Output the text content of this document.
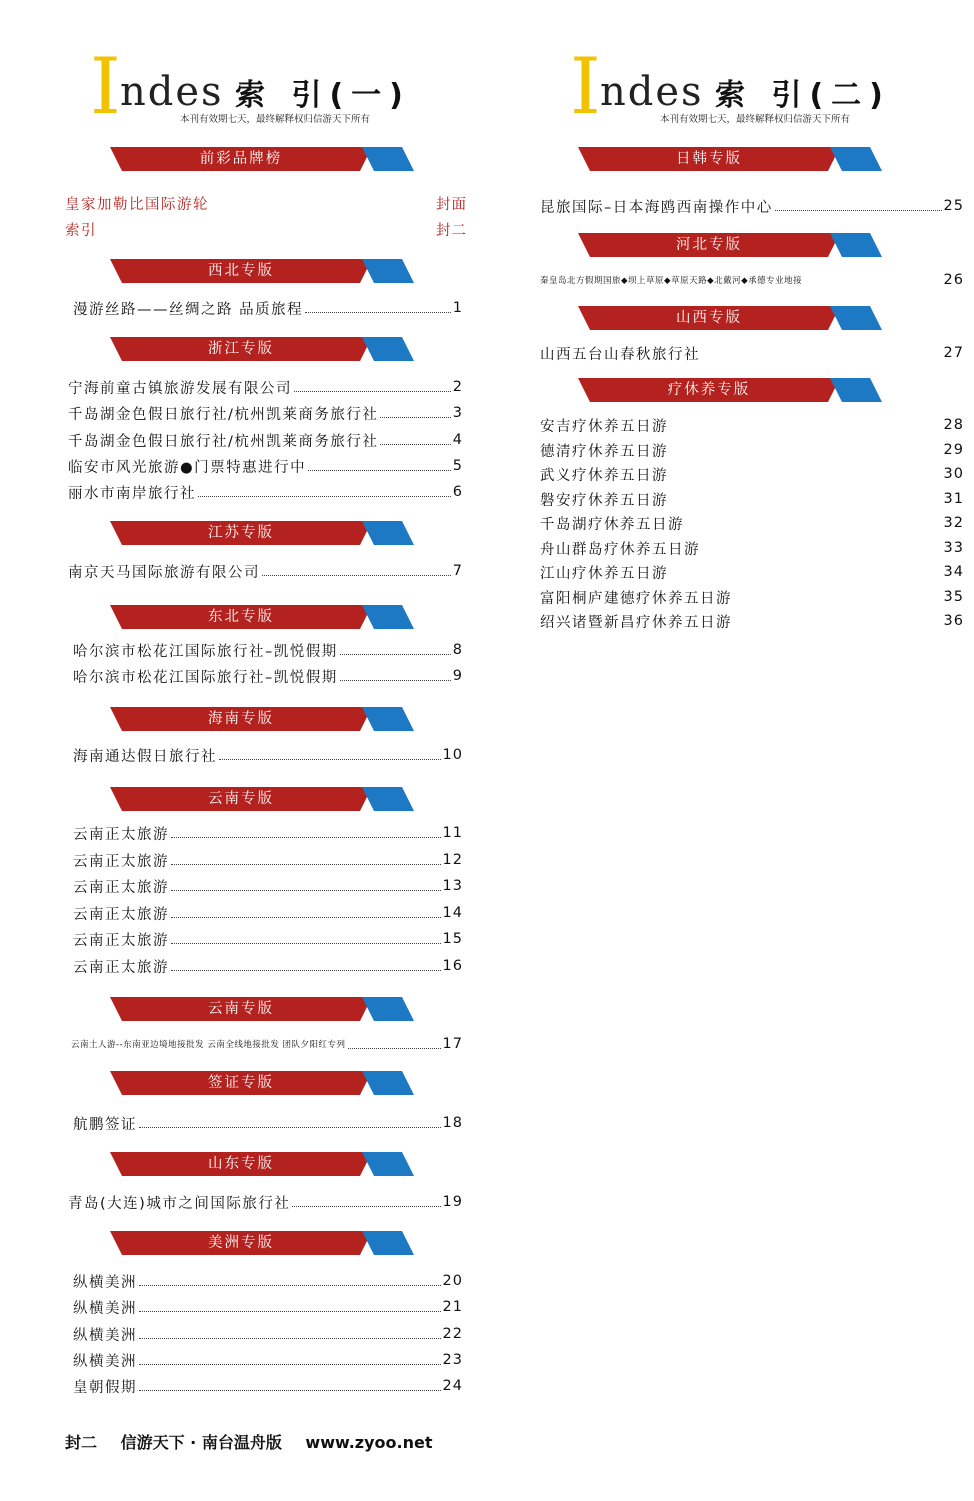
I ndes 索 引(一)
本刊有效期七天，最终解释权归信游天下所有
前彩品牌榜
皇家加勒比国际游轮	封面
索引	封二
西北专版
漫游丝路——丝绸之路 品质旅程	1
浙江专版
宁海前童古镇旅游发展有限公司	2
千岛湖金色假日旅行社/杭州凯莱商务旅行社	3
千岛湖金色假日旅行社/杭州凯莱商务旅行社	4
临安市风光旅游●门票特惠进行中	5
丽水市南岸旅行社	6
江苏专版
南京天马国际旅游有限公司	7
东北专版
哈尔滨市松花江国际旅行社–凯悦假期	8
哈尔滨市松花江国际旅行社–凯悦假期	9
海南专版
海南通达假日旅行社	10
云南专版
云南正太旅游	11
云南正太旅游	12
云南正太旅游	13
云南正太旅游	14
云南正太旅游	15
云南正太旅游	16
云南专版
云南土人游--东南亚边境地接批发 云南全线地接批发 团队夕阳红专列	17
签证专版
航鹏签证	18
山东专版
青岛(大连)城市之间国际旅行社	19
美洲专版
纵横美洲	20
纵横美洲	21
纵横美洲	22
纵横美洲	23
皇朝假期	24
I ndes 索 引(二)
本刊有效期七天，最终解释权归信游天下所有
日韩专版
昆旅国际–日本海鸥西南操作中心	25
河北专版
秦皇岛北方假期国旅◆坝上草原◆草原天路◆北戴河◆承德专业地接	26
山西专版
山西五台山春秋旅行社	27
疗休养专版
安吉疗休养五日游	28
德清疗休养五日游	29
武义疗休养五日游	30
磐安疗休养五日游	31
千岛湖疗休养五日游	32
舟山群岛疗休养五日游	33
江山疗休养五日游	34
富阳桐庐建德疗休养五日游	35
绍兴诸暨新昌疗休养五日游	36
封二 信游天下 · 南台温舟版 www.zyoo.net
